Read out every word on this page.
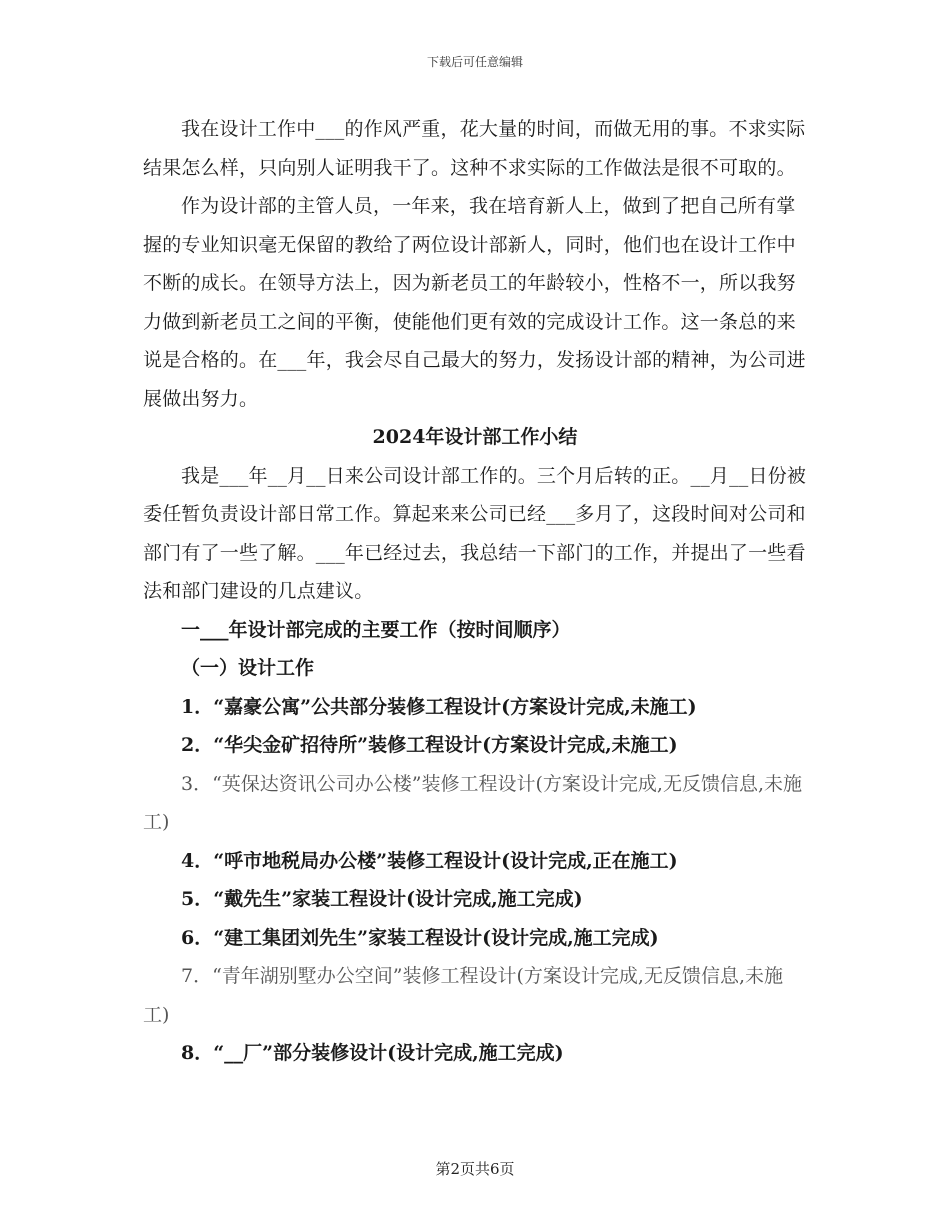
下载后可任意编辑

我在设计工作中___的作风严重，花大量的时间，而做无用的事。不求实际结果怎么样，只向别人证明我干了。这种不求实际的工作做法是很不可取的。

作为设计部的主管人员，一年来，我在培育新人上，做到了把自己所有掌握的专业知识毫无保留的教给了两位设计部新人，同时，他们也在设计工作中不断的成长。在领导方法上，因为新老员工的年龄较小，性格不一，所以我努力做到新老员工之间的平衡，使能他们更有效的完成设计工作。这一条总的来说是合格的。在___年，我会尽自己最大的努力，发扬设计部的精神，为公司进展做出努力。

2024年设计部工作小结

我是___年__月__日来公司设计部工作的。三个月后转的正。__月__日份被委任暂负责设计部日常工作。算起来来公司已经___多月了，这段时间对公司和部门有了一些了解。___年已经过去，我总结一下部门的工作，并提出了一些看法和部门建设的几点建议。

一___年设计部完成的主要工作（按时间顺序）

（一）设计工作

1．“嘉豪公寓”公共部分装修工程设计(方案设计完成,未施工)

2．“华尖金矿招待所”装修工程设计(方案设计完成,未施工)

3．“英保达资讯公司办公楼”装修工程设计(方案设计完成,无反馈信息,未施工)

4．“呼市地税局办公楼”装修工程设计(设计完成,正在施工)

5．“戴先生”家装工程设计(设计完成,施工完成)

6．“建工集团刘先生”家装工程设计(设计完成,施工完成)

7．“青年湖别墅办公空间”装修工程设计(方案设计完成,无反馈信息,未施工)

8．“__厂”部分装修设计(设计完成,施工完成)

第2页共6页
